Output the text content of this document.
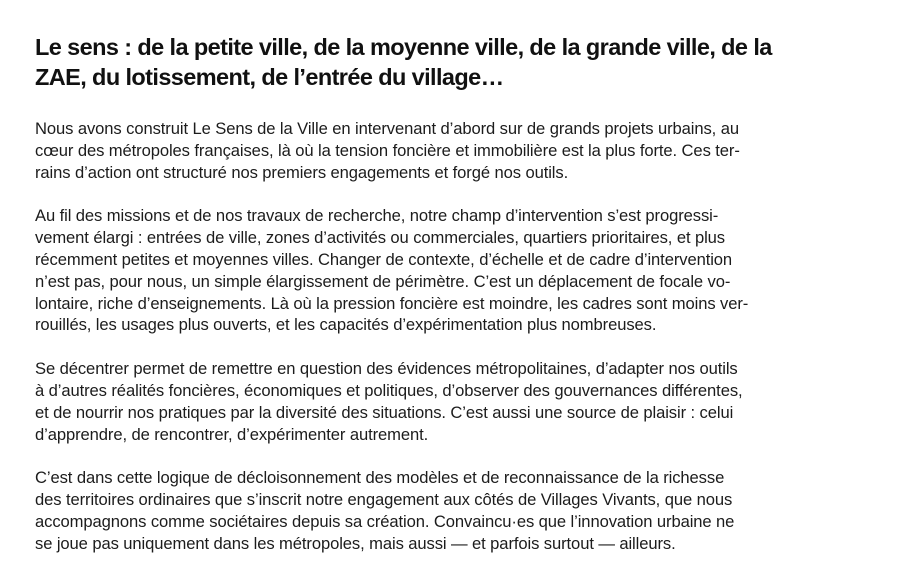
Le sens : de la petite ville, de la moyenne ville, de la grande ville, de la
ZAE, du lotissement, de l’entrée du village…

Nous avons construit Le Sens de la Ville en intervenant d’abord sur de grands projets urbains, au
cœur des métropoles françaises, là où la tension foncière et immobilière est la plus forte. Ces ter-
rains d’action ont structuré nos premiers engagements et forgé nos outils.

Au fil des missions et de nos travaux de recherche, notre champ d’intervention s’est progressi-
vement élargi : entrées de ville, zones d’activités ou commerciales, quartiers prioritaires, et plus
récemment petites et moyennes villes. Changer de contexte, d’échelle et de cadre d’intervention
n’est pas, pour nous, un simple élargissement de périmètre. C’est un déplacement de focale vo-
lontaire, riche d’enseignements. Là où la pression foncière est moindre, les cadres sont moins ver-
rouillés, les usages plus ouverts, et les capacités d’expérimentation plus nombreuses.

Se décentrer permet de remettre en question des évidences métropolitaines, d’adapter nos outils
à d’autres réalités foncières, économiques et politiques, d’observer des gouvernances différentes,
et de nourrir nos pratiques par la diversité des situations. C’est aussi une source de plaisir : celui
d’apprendre, de rencontrer, d’expérimenter autrement.

C’est dans cette logique de décloisonnement des modèles et de reconnaissance de la richesse
des territoires ordinaires que s’inscrit notre engagement aux côtés de Villages Vivants, que nous
accompagnons comme sociétaires depuis sa création. Convaincu·es que l’innovation urbaine ne
se joue pas uniquement dans les métropoles, mais aussi — et parfois surtout — ailleurs.
